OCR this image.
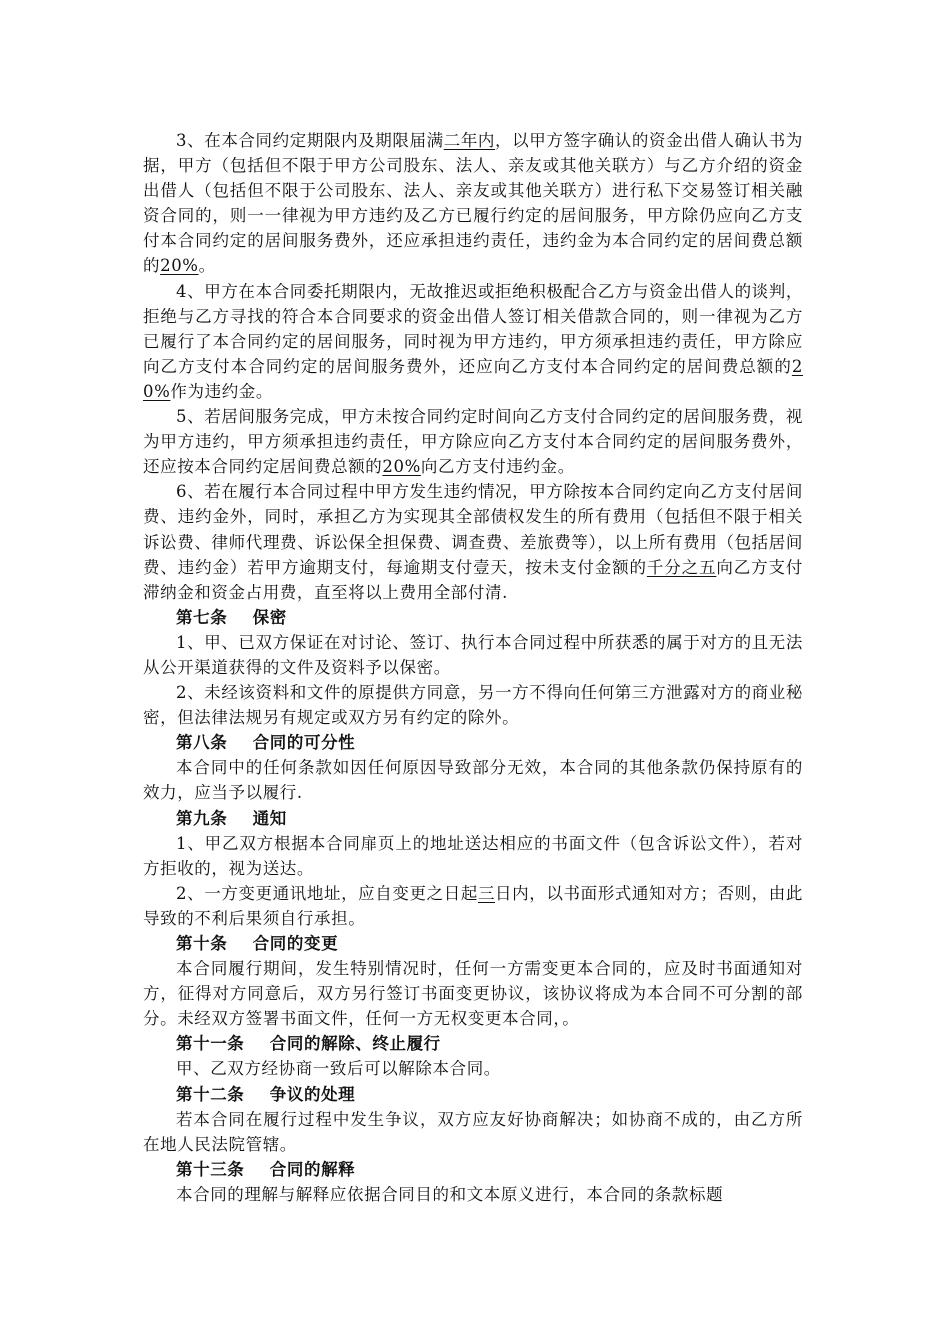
3、在本合同约定期限内及期限届满二年内，以甲方签字确认的资金出借人确认书为据，甲方（包括但不限于甲方公司股东、法人、亲友或其他关联方）与乙方介绍的资金出借人（包括但不限于公司股东、法人、亲友或其他关联方）进行私下交易签订相关融资合同的，则一一律视为甲方违约及乙方已履行约定的居间服务，甲方除仍应向乙方支付本合同约定的居间服务费外，还应承担违约责任，违约金为本合同约定的居间费总额的20%。

4、甲方在本合同委托期限内，无故推迟或拒绝积极配合乙方与资金出借人的谈判，拒绝与乙方寻找的符合本合同要求的资金出借人签订相关借款合同的，则一律视为乙方已履行了本合同约定的居间服务，同时视为甲方违约，甲方须承担违约责任，甲方除应向乙方支付本合同约定的居间服务费外，还应向乙方支付本合同约定的居间费总额的20%作为违约金。

5、若居间服务完成，甲方未按合同约定时间向乙方支付合同约定的居间服务费，视为甲方违约，甲方须承担违约责任，甲方除应向乙方支付本合同约定的居间服务费外，还应按本合同约定居间费总额的20%向乙方支付违约金。

6、若在履行本合同过程中甲方发生违约情况，甲方除按本合同约定向乙方支付居间费、违约金外，同时，承担乙方为实现其全部债权发生的所有费用（包括但不限于相关诉讼费、律师代理费、诉讼保全担保费、调查费、差旅费等），以上所有费用（包括居间费、违约金）若甲方逾期支付，每逾期支付壹天，按未支付金额的千分之五向乙方支付滞纳金和资金占用费，直至将以上费用全部付清.

第七条    保密

1、甲、已双方保证在对讨论、签订、执行本合同过程中所获悉的属于对方的且无法从公开渠道获得的文件及资料予以保密。

2、未经该资料和文件的原提供方同意，另一方不得向任何第三方泄露对方的商业秘密，但法律法规另有规定或双方另有约定的除外。

第八条    合同的可分性

本合同中的任何条款如因任何原因导致部分无效，本合同的其他条款仍保持原有的效力，应当予以履行.

第九条    通知

1、甲乙双方根据本合同扉页上的地址送达相应的书面文件（包含诉讼文件），若对方拒收的，视为送达。

2、一方变更通讯地址，应自变更之日起三日内，以书面形式通知对方；否则，由此导致的不利后果须自行承担。

第十条    合同的变更

本合同履行期间，发生特别情况时，任何一方需变更本合同的，应及时书面通知对方，征得对方同意后，双方另行签订书面变更协议，该协议将成为本合同不可分割的部分。未经双方签署书面文件，任何一方无权变更本合同，。

第十一条    合同的解除、终止履行

甲、乙双方经协商一致后可以解除本合同。

第十二条    争议的处理

若本合同在履行过程中发生争议，双方应友好协商解决；如协商不成的，由乙方所在地人民法院管辖。

第十三条    合同的解释

本合同的理解与解释应依据合同目的和文本原义进行，本合同的条款标题
